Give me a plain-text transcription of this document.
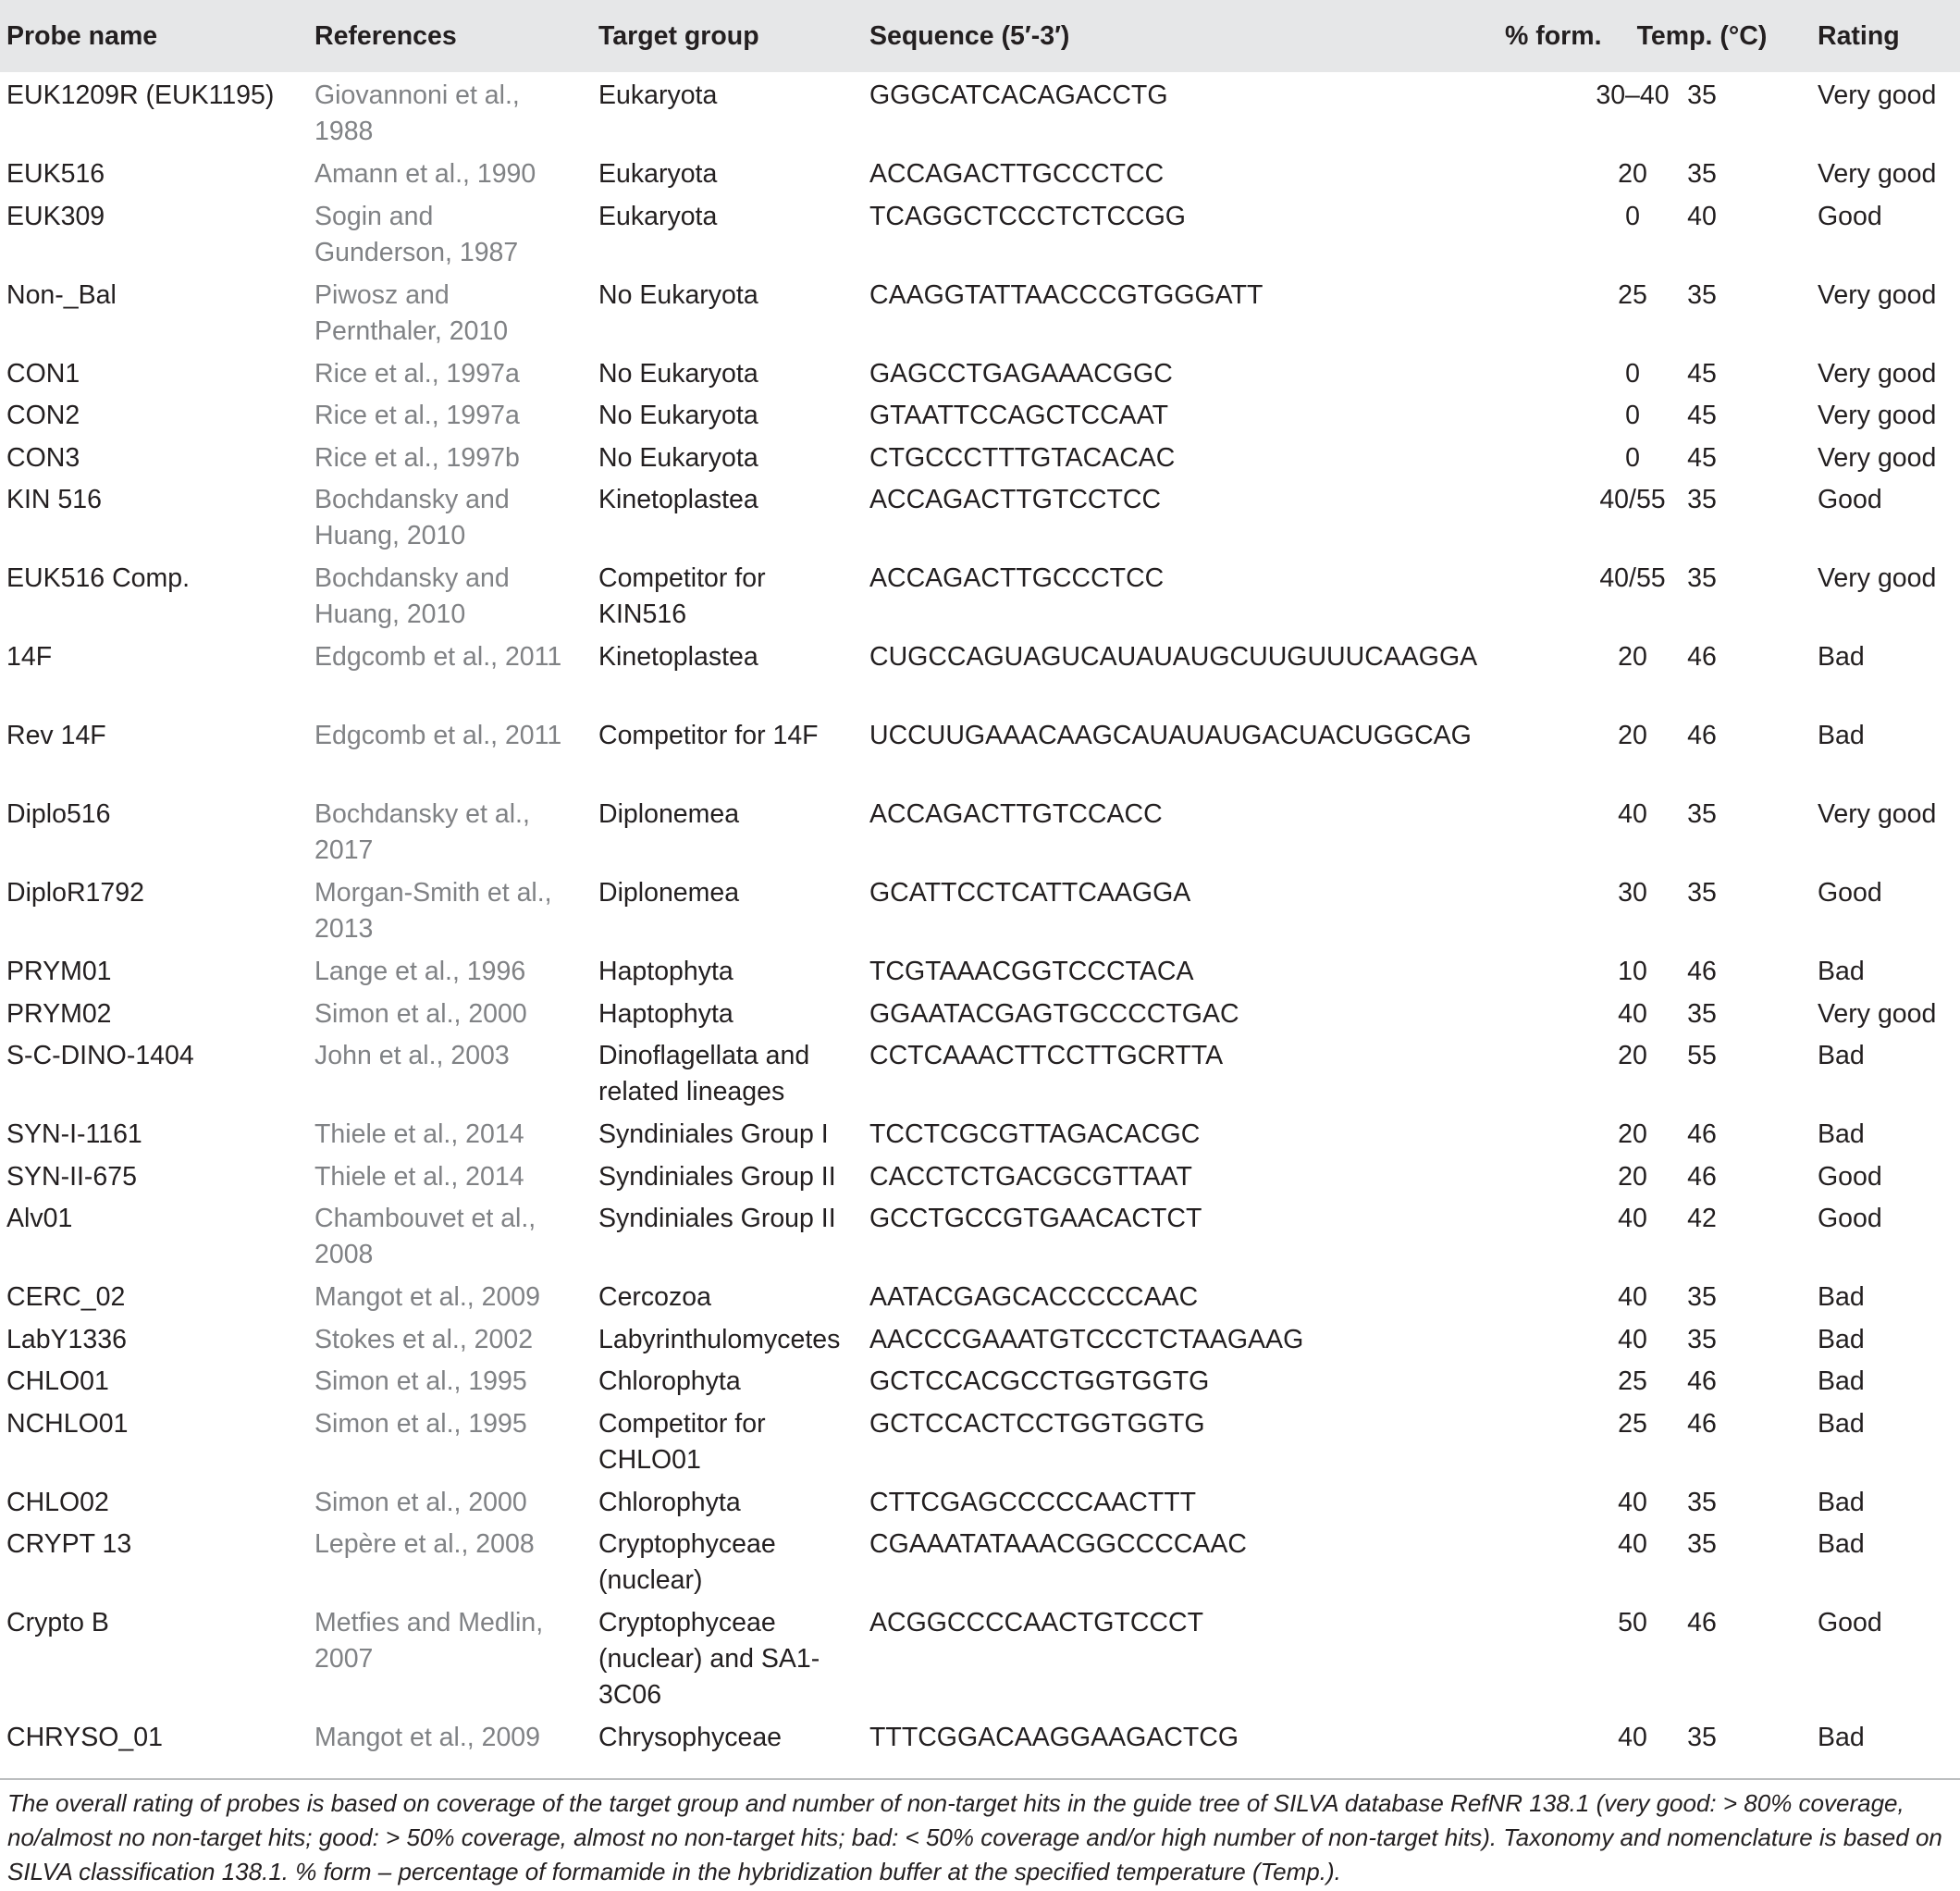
Probe name	References	Target group	Sequence (5′-3′)	% form.	Temp. (°C)	Rating
EUK1209R (EUK1195)	Giovannoni et al., 1988	Eukaryota	GGGCATCACAGACCTG	30–40	35	Very good
EUK516	Amann et al., 1990	Eukaryota	ACCAGACTTGCCCTCC	20	35	Very good
EUK309	Sogin and Gunderson, 1987	Eukaryota	TCAGGCTCCCTCTCCGG	0	40	Good
Non-_Bal	Piwosz and Pernthaler, 2010	No Eukaryota	CAAGGTATTAACCCGTGGGATT	25	35	Very good
CON1	Rice et al., 1997a	No Eukaryota	GAGCCTGAGAAACGGC	0	45	Very good
CON2	Rice et al., 1997a	No Eukaryota	GTAATTCCAGCTCCAAT	0	45	Very good
CON3	Rice et al., 1997b	No Eukaryota	CTGCCCTTTGTACACAC	0	45	Very good
KIN 516	Bochdansky and Huang, 2010	Kinetoplastea	ACCAGACTTGTCCTCC	40/55	35	Good
EUK516 Comp.	Bochdansky and Huang, 2010	Competitor for KIN516	ACCAGACTTGCCCTCC	40/55	35	Very good
14F	Edgcomb et al., 2011	Kinetoplastea	CUGCCAGUAGUCAUAUAUGCUUGUUUCAAGGA	20	46	Bad
Rev 14F	Edgcomb et al., 2011	Competitor for 14F	UCCUUGAAACAAGCAUAUAUGACUACUGGCAG	20	46	Bad
Diplo516	Bochdansky et al., 2017	Diplonemea	ACCAGACTTGTCCACC	40	35	Very good
DiploR1792	Morgan-Smith et al., 2013	Diplonemea	GCATTCCTCATTCAAGGA	30	35	Good
PRYM01	Lange et al., 1996	Haptophyta	TCGTAAACGGTCCCTACA	10	46	Bad
PRYM02	Simon et al., 2000	Haptophyta	GGAATACGAGTGCCCCTGAC	40	35	Very good
S-C-DINO-1404	John et al., 2003	Dinoflagellata and related lineages	CCTCAAACTTCCTTGCRTTA	20	55	Bad
SYN-I-1161	Thiele et al., 2014	Syndiniales Group I	TCCTCGCGTTAGACACGC	20	46	Bad
SYN-II-675	Thiele et al., 2014	Syndiniales Group II	CACCTCTGACGCGTTAAT	20	46	Good
Alv01	Chambouvet et al., 2008	Syndiniales Group II	GCCTGCCGTGAACACTCT	40	42	Good
CERC_02	Mangot et al., 2009	Cercozoa	AATACGAGCACCCCCAAC	40	35	Bad
LabY1336	Stokes et al., 2002	Labyrinthulomycetes	AACCCGAAATGTCCCTCTAAGAAG	40	35	Bad
CHLO01	Simon et al., 1995	Chlorophyta	GCTCCACGCCTGGTGGTG	25	46	Bad
NCHLO01	Simon et al., 1995	Competitor for CHLO01	GCTCCACTCCTGGTGGTG	25	46	Bad
CHLO02	Simon et al., 2000	Chlorophyta	CTTCGAGCCCCCAACTTT	40	35	Bad
CRYPT 13	Lepère et al., 2008	Cryptophyceae (nuclear)	CGAAATATAAACGGCCCCAAC	40	35	Bad
Crypto B	Metfies and Medlin, 2007	Cryptophyceae (nuclear) and SA1-3C06	ACGGCCCCAACTGTCCCT	50	46	Good
CHRYSO_01	Mangot et al., 2009	Chrysophyceae	TTTCGGACAAGGAAGACTCG	40	35	Bad
The overall rating of probes is based on coverage of the target group and number of non-target hits in the guide tree of SILVA database RefNR 138.1 (very good: > 80% coverage, no/almost no non-target hits; good: > 50% coverage, almost no non-target hits; bad: < 50% coverage and/or high number of non-target hits). Taxonomy and nomenclature is based on SILVA classification 138.1. % form – percentage of formamide in the hybridization buffer at the specified temperature (Temp.).
